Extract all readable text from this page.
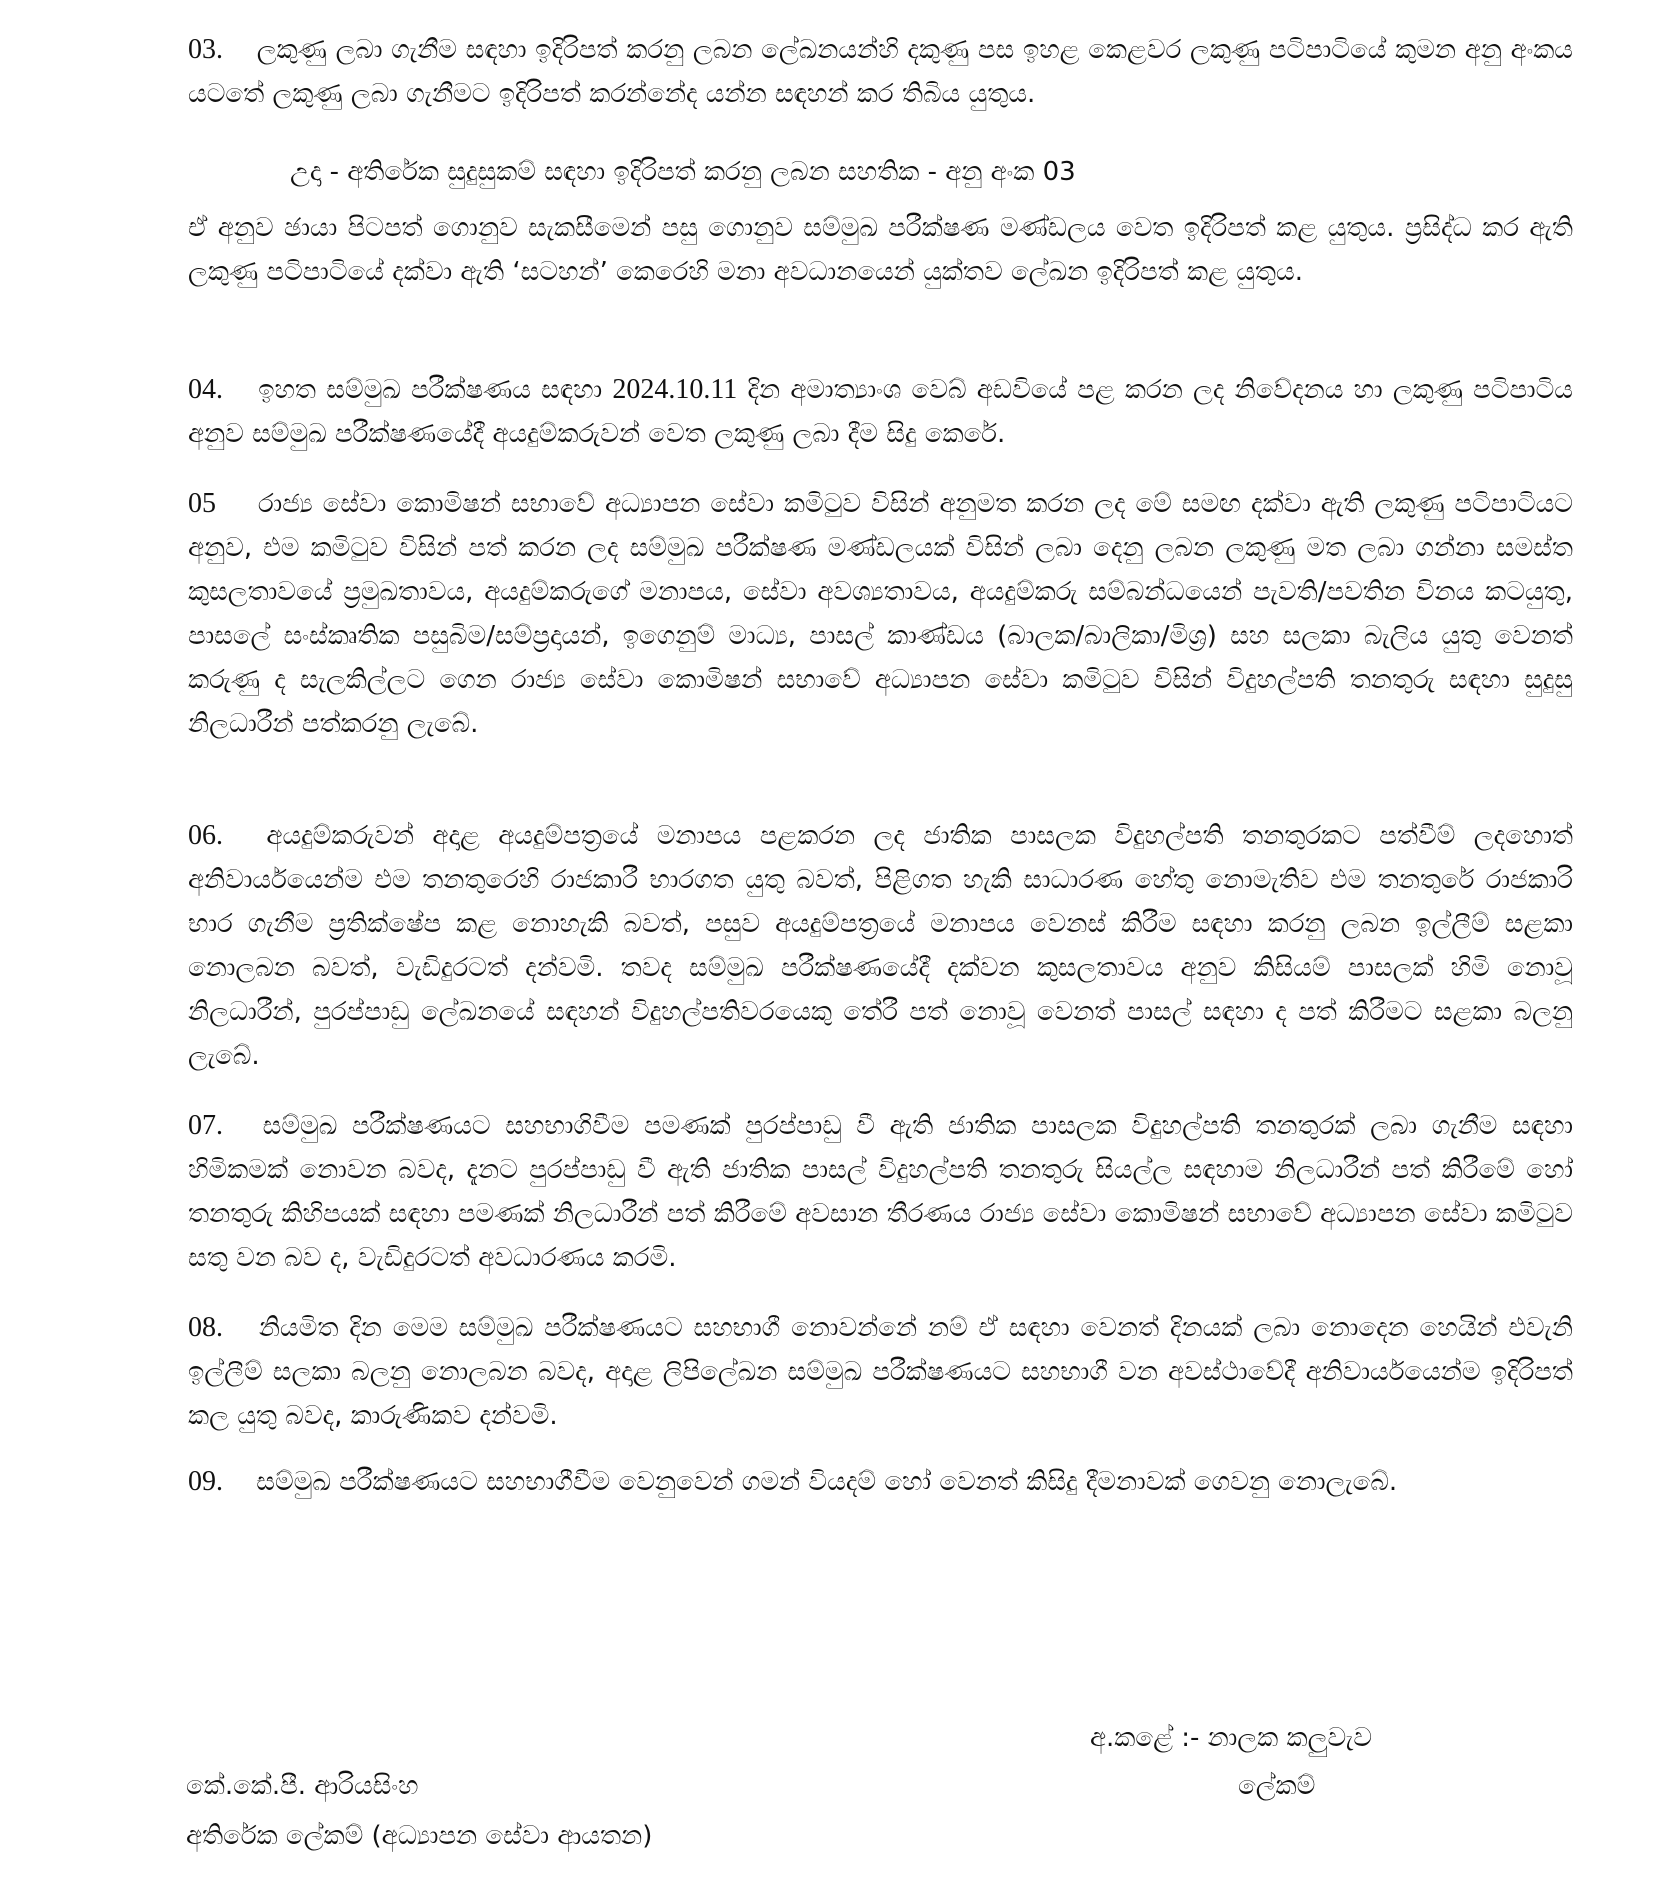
03. ලකුණු ලබා ගැනීම සඳහා ඉදිරිපත් කරනු ලබන ලේඛනයන්හි දකුණු පස ඉහළ කෙළවර ලකුණු පටිපාටියේ කුමන අනු අංකය යටතේ ලකුණු ලබා ගැනීමට ඉදිරිපත් කරන්නේද යන්න සඳහන් කර තිබිය යුතුය.

උදා - අතිරේක සුදුසුකම් සඳහා ඉදිරිපත් කරනු ලබන සහතික - අනු අංක 03

ඒ අනුව ඡායා පිටපත් ගොනුව සැකසීමෙන් පසු ගොනුව සම්මුඛ පරීක්ෂණ මණ්ඩලය වෙත ඉදිරිපත් කළ යුතුය. ප්‍රසිද්ධ කර ඇති ලකුණු පටිපාටියේ දක්වා ඇති ‘සටහන්’ කෙරෙහි මනා අවධානයෙන් යුක්තව ලේඛන ඉදිරිපත් කළ යුතුය.

04. ඉහත සම්මුඛ පරීක්ෂණය සඳහා 2024.10.11 දින අමාත්‍යාංශ වෙබ් අඩවියේ පළ කරන ලද නිවේදනය හා ලකුණු පටිපාටිය අනුව සම්මුඛ පරීක්ෂණයේදී අයදුම්කරුවන් වෙත ලකුණු ලබා දීම සිදු කෙරේ.

05 රාජ්‍ය සේවා කොමිෂන් සභාවේ අධ්‍යාපන සේවා කමිටුව විසින් අනුමත කරන ලද මේ සමඟ දක්වා ඇති ලකුණු පටිපාටියට අනුව, එම කමිටුව විසින් පත් කරන ලද සම්මුඛ පරීක්ෂණ මණ්ඩලයක් විසින් ලබා දෙනු ලබන ලකුණු මත ලබා ගන්නා සමස්ත කුසලතාවයේ ප්‍රමුඛතාවය, අයදුම්කරුගේ මනාපය, සේවා අවශ්‍යතාවය, අයදුම්කරු සම්බන්ධයෙන් පැවති/පවතින විනය කටයුතු, පාසලේ සංස්කෘතික පසුබිම/සම්ප්‍රදායන්, ඉගෙනුම් මාධ්‍ය, පාසල් කාණ්ඩය (බාලක/බාලිකා/මිශ්‍ර) සහ සලකා බැලිය යුතු වෙනත් කරුණු ද සැලකිල්ලට ගෙන රාජ්‍ය සේවා කොමිෂන් සභාවේ අධ්‍යාපන සේවා කමිටුව විසින් විදුහල්පති තනතුරු සඳහා සුදුසු නිලධාරීන් පත්කරනු ලැබේ.

06. අයදුම්කරුවන් අදාළ අයදුම්පත්‍රයේ මනාපය පළකරන ලද ජාතික පාසලක විදුහල්පති තනතුරකට පත්වීම් ලදහොත් අනිවාර්යයෙන්ම එම තනතුරෙහි රාජකාරී භාරගත යුතු බවත්, පිළිගත හැකි සාධාරණ හේතු නොමැතිව එම තනතුරේ රාජකාරි භාර ගැනීම ප්‍රතික්ෂේප කළ නොහැකි බවත්, පසුව අයදුම්පත්‍රයේ මනාපය වෙනස් කිරීම සඳහා කරනු ලබන ඉල්ලීම් සළකා නොලබන බවත්, වැඩිදුරටත් දන්වමි. තවද සම්මුඛ පරීක්ෂණයේදී දක්වන කුසලතාවය අනුව කිසියම් පාසලක් හිමි නොවූ නිලධාරීන්, පුරප්පාඩු ලේඛනයේ සඳහන් විදුහල්පතිවරයෙකු තේරී පත් නොවූ වෙනත් පාසල් සඳහා ද පත් කිරීමට සළකා බලනු ලැබේ.

07. සම්මුඛ පරීක්ෂණයට සහභාගිවීම පමණක් පුරප්පාඩු වී ඇති ජාතික පාසලක විදුහල්පති තනතුරක් ලබා ගැනීම සඳහා හිමිකමක් නොවන බවද, දැනට පුරප්පාඩු වී ඇති ජාතික පාසල් විදුහල්පති තනතුරු සියල්ල සඳහාම නිලධාරීන් පත් කිරීමේ හෝ තනතුරු කිහිපයක් සඳහා පමණක් නිලධාරීන් පත් කිරීමේ අවසාන තීරණය රාජ්‍ය සේවා කොමිෂන් සභාවේ අධ්‍යාපන සේවා කමිටුව සතු වන බව ද, වැඩිදුරටත් අවධාරණය කරමි.

08. නියමිත දින මෙම සම්මුඛ පරීක්ෂණයට සහභාගී නොවන්නේ නම් ඒ සඳහා වෙනත් දිනයක් ලබා නොදෙන හෙයින් එවැනි ඉල්ලීම් සලකා බලනු නොලබන බවද, අදාළ ලිපිලේඛන සම්මුඛ පරීක්ෂණයට සහභාගී වන අවස්ථාවේදී අනිවාර්යයෙන්ම ඉදිරිපත් කල යුතු බවද, කාරුණිකව දන්වමි.

09. සම්මුඛ පරීක්ෂණයට සහභාගීවීම වෙනුවෙන් ගමන් වියදම් හෝ වෙනත් කිසිදු දීමනාවක් ගෙවනු නොලැබේ.

අ.කළේ :- නාලක කලුවැව

ලේකම්

කේ.කේ.පී. ආරියසිංහ

අතිරේක ලේකම් (අධ්‍යාපන සේවා ආයතන)
